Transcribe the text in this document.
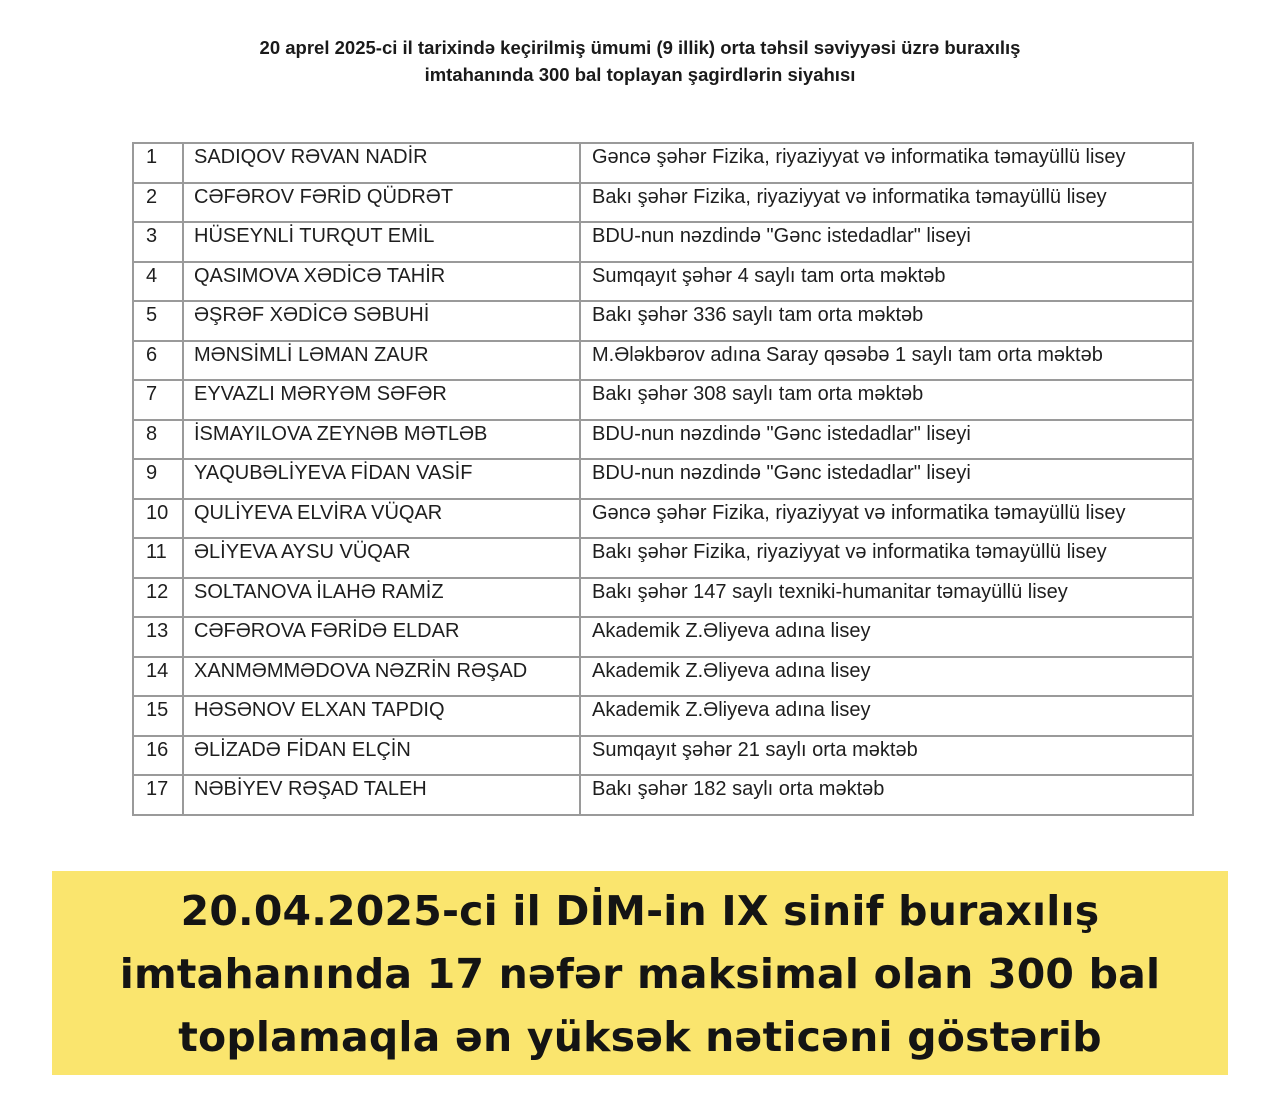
20 aprel 2025-ci il tarixində keçirilmiş ümumi (9 illik) orta təhsil səviyyəsi üzrə buraxılış
imtahanında 300 bal toplayan şagirdlərin siyahısı
1	SADIQOV RƏVAN NADİR	Gəncə şəhər Fizika, riyaziyyat və informatika təmayüllü lisey
2	CƏFƏROV FƏRİD QÜDRƏT	Bakı şəhər Fizika, riyaziyyat və informatika təmayüllü lisey
3	HÜSEYNLİ TURQUT EMİL	BDU-nun nəzdində "Gənc istedadlar" liseyi
4	QASIMOVA XƏDİCƏ TAHİR	Sumqayıt şəhər 4 saylı tam orta məktəb
5	ƏŞRƏF XƏDİCƏ SƏBUHİ	Bakı şəhər 336 saylı tam orta məktəb
6	MƏNSİMLİ LƏMAN ZAUR	M.Ələkbərov adına Saray qəsəbə 1 saylı tam orta məktəb
7	EYVAZLI MƏRYƏM SƏFƏR	Bakı şəhər 308 saylı tam orta məktəb
8	İSMAYILOVA ZEYNƏB MƏTLƏB	BDU-nun nəzdində "Gənc istedadlar" liseyi
9	YAQUBƏLİYEVA FİDAN VASİF	BDU-nun nəzdində "Gənc istedadlar" liseyi
10	QULİYEVA ELVİRA VÜQAR	Gəncə şəhər Fizika, riyaziyyat və informatika təmayüllü lisey
11	ƏLİYEVA AYSU VÜQAR	Bakı şəhər Fizika, riyaziyyat və informatika təmayüllü lisey
12	SOLTANOVA İLAHƏ RAMİZ	Bakı şəhər 147 saylı texniki-humanitar təmayüllü lisey
13	CƏFƏROVA FƏRİDƏ ELDAR	Akademik Z.Əliyeva adına lisey
14	XANMƏMMƏDOVA NƏZRİN RƏŞAD	Akademik Z.Əliyeva adına lisey
15	HƏSƏNOV ELXAN TAPDIQ	Akademik Z.Əliyeva adına lisey
16	ƏLİZADƏ FİDAN ELÇİN	Sumqayıt şəhər 21 saylı orta məktəb
17	NƏBİYEV RƏŞAD TALEH	Bakı şəhər 182 saylı orta məktəb
20.04.2025-ci il DİM-in IX sinif buraxılış
imtahanında 17 nəfər maksimal olan 300 bal
toplamaqla ən yüksək nəticəni göstərib
